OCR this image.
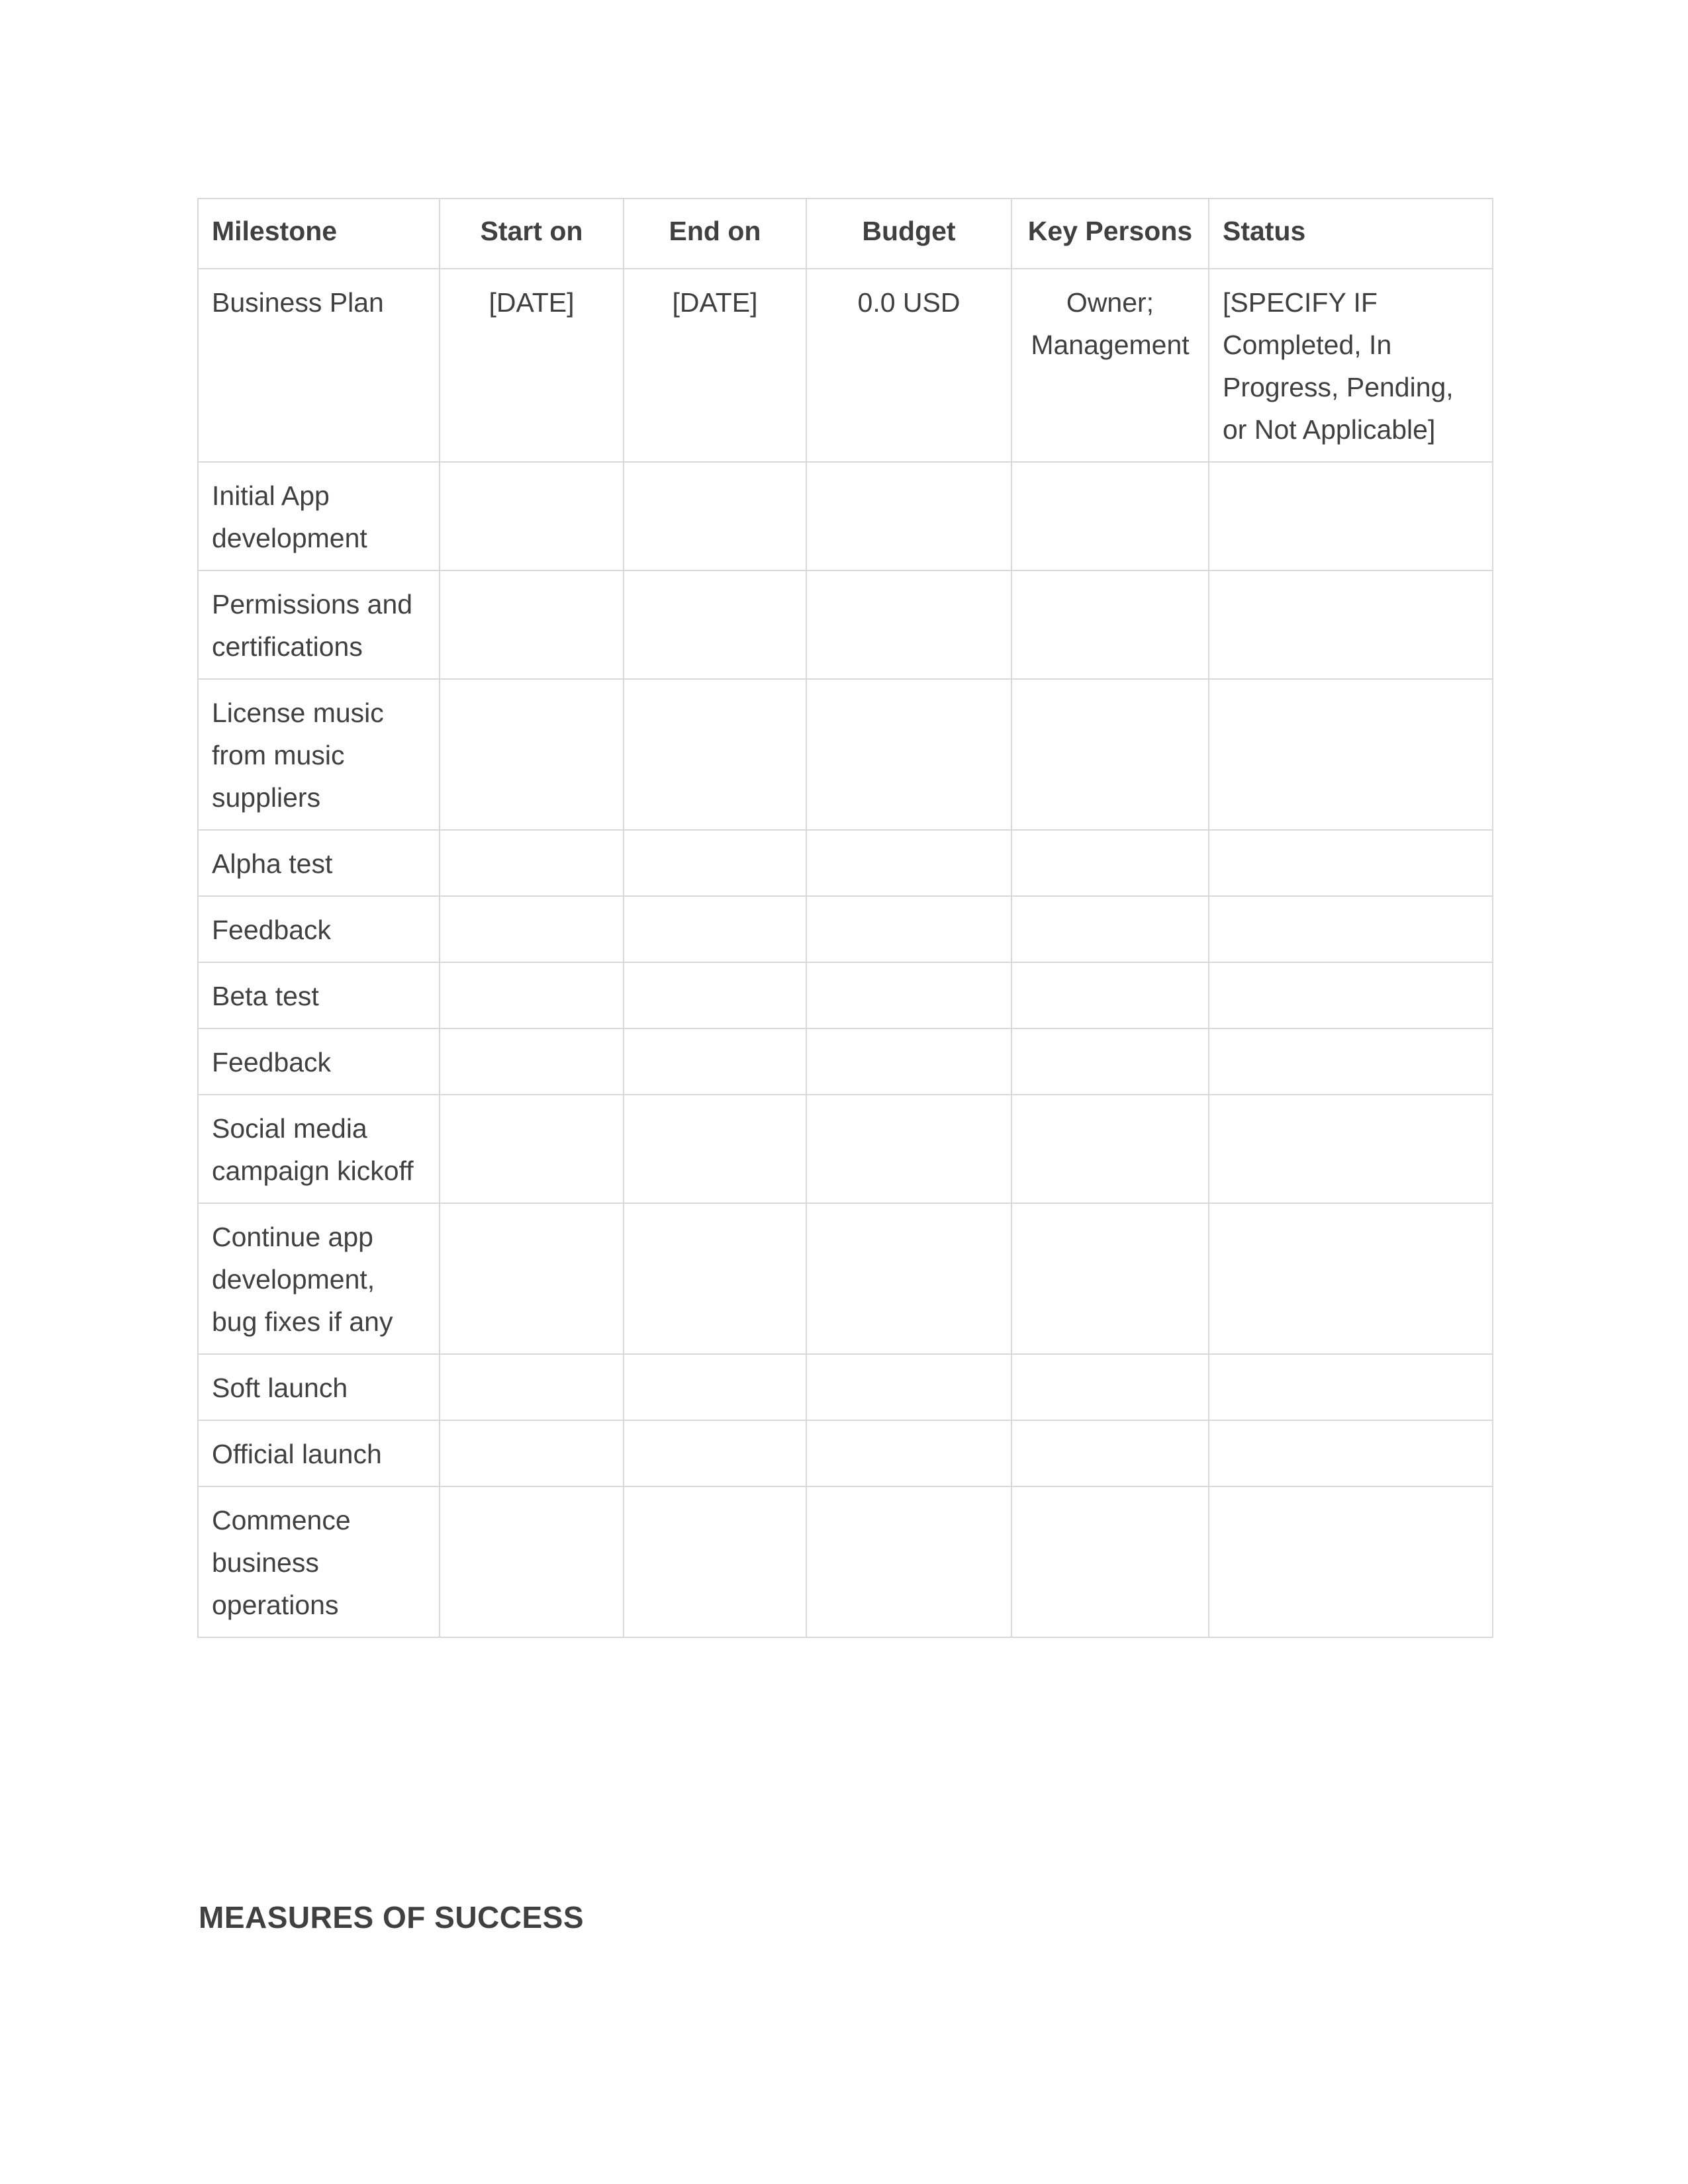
Milestone	Start on	End on	Budget	Key Persons	Status
Business Plan	[DATE]	[DATE]	0.0 USD	Owner; Management	[SPECIFY IF Completed, In Progress, Pending, or Not Applicable]
Initial App development					
Permissions and certifications					
License music from music suppliers					
Alpha test					
Feedback					
Beta test					
Feedback					
Social media campaign kickoff					
Continue app development, bug fixes if any					
Soft launch					
Official launch					
Commence business operations					
MEASURES OF SUCCESS
